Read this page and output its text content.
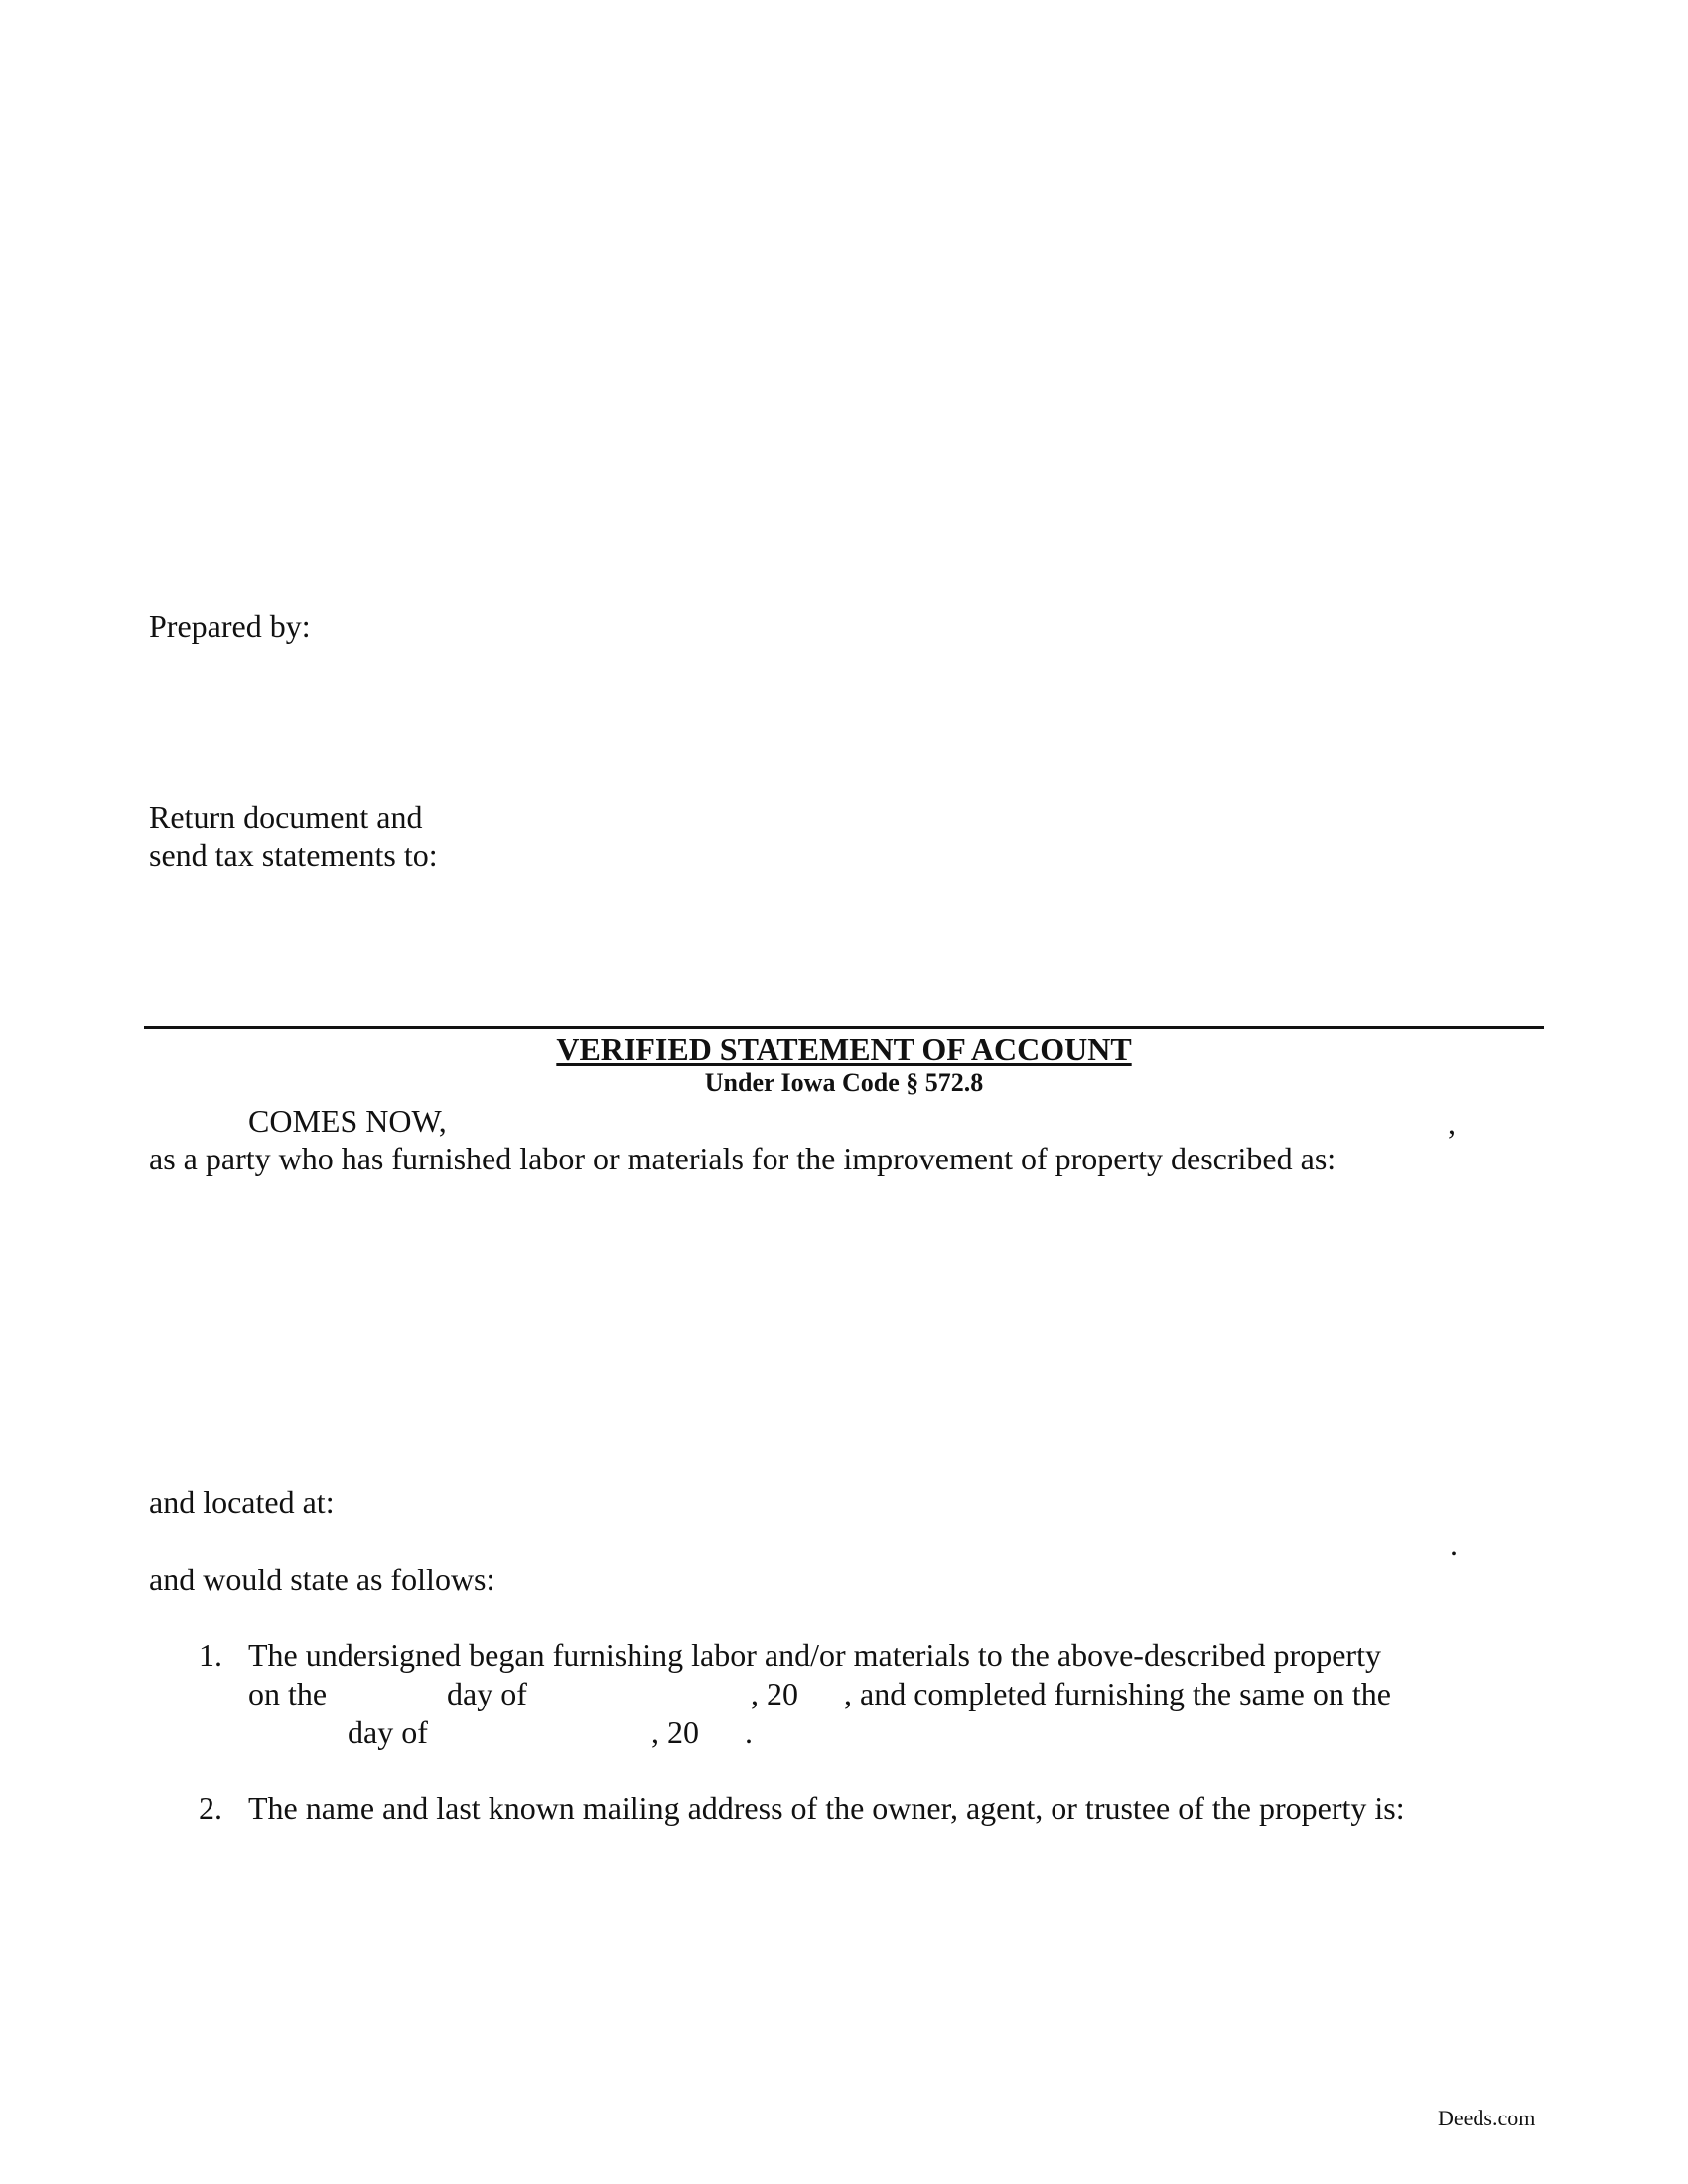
Prepared by:
Return document and
send tax statements to:
VERIFIED STATEMENT OF ACCOUNT
Under Iowa Code § 572.8
COMES NOW,	,
as a party who has furnished labor or materials for the improvement of property described as:
and located at:
.
and would state as follows:
1. The undersigned began furnishing labor and/or materials to the above-described property
on the	day of	, 20 , and completed furnishing the same on the
day of	, 20 .
2. The name and last known mailing address of the owner, agent, or trustee of the property is:
Deeds.com
